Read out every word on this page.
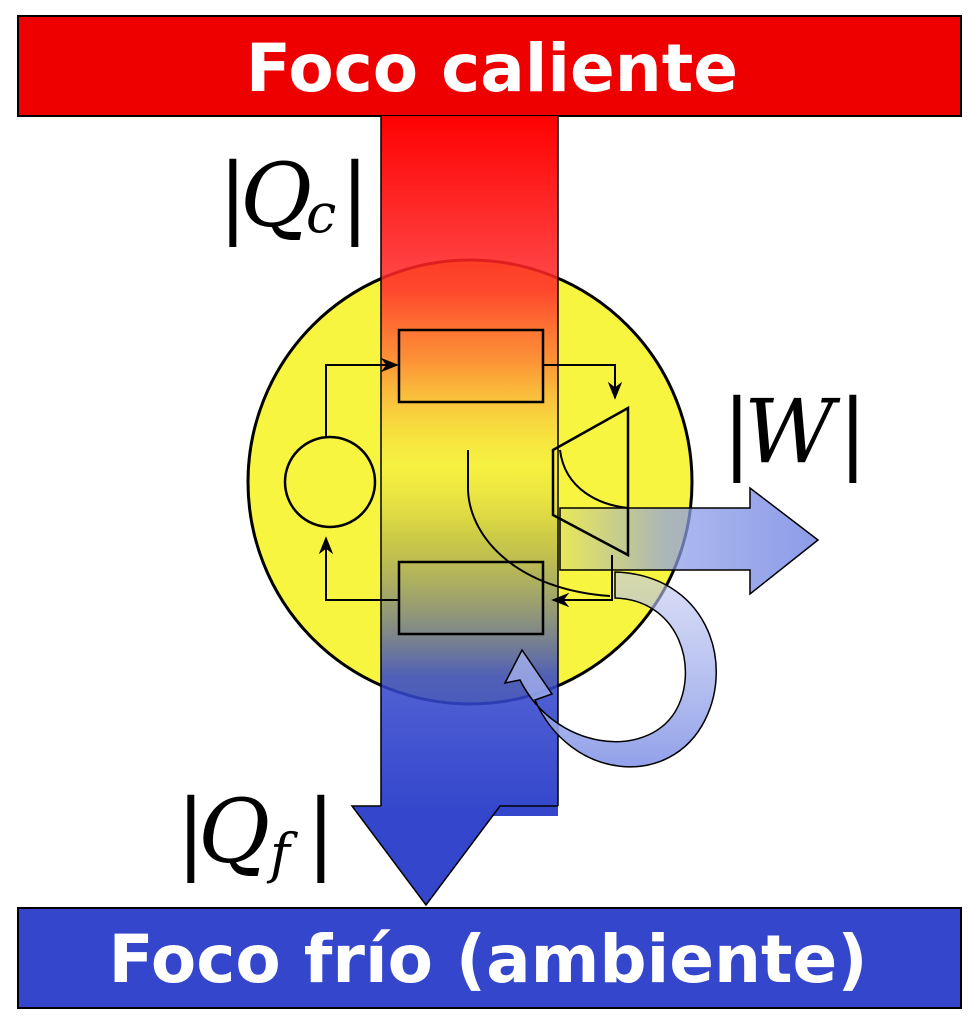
Foco caliente
Foco frío (ambiente)
|
Q
c |
|
Q f |
|
W |
